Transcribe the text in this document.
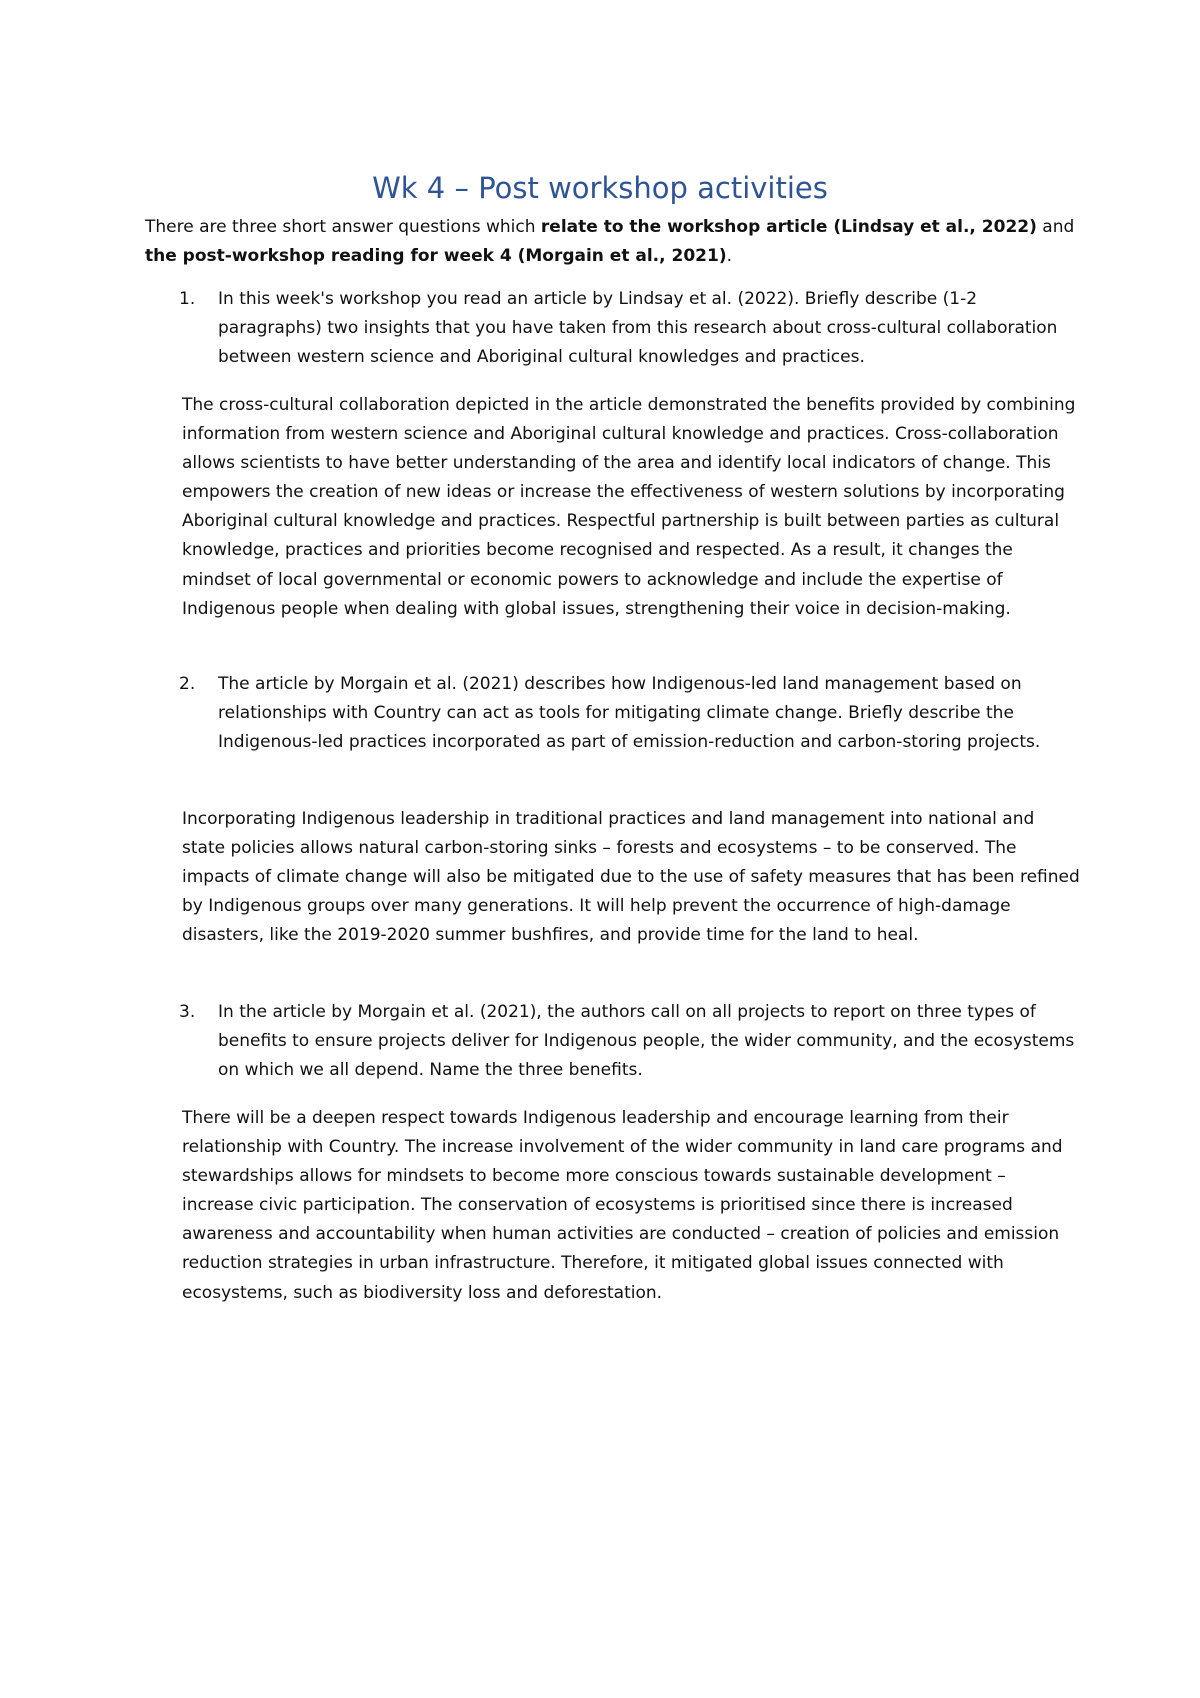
Wk 4 – Post workshop activities

There are three short answer questions which relate to the workshop article (Lindsay et al., 2022) and the post-workshop reading for week 4 (Morgain et al., 2021).

1.	In this week's workshop you read an article by Lindsay et al. (2022). Briefly describe (1-2 paragraphs) two insights that you have taken from this research about cross-cultural collaboration between western science and Aboriginal cultural knowledges and practices.

The cross-cultural collaboration depicted in the article demonstrated the benefits provided by combining information from western science and Aboriginal cultural knowledge and practices. Cross-collaboration allows scientists to have better understanding of the area and identify local indicators of change. This empowers the creation of new ideas or increase the effectiveness of western solutions by incorporating Aboriginal cultural knowledge and practices. Respectful partnership is built between parties as cultural knowledge, practices and priorities become recognised and respected. As a result, it changes the mindset of local governmental or economic powers to acknowledge and include the expertise of Indigenous people when dealing with global issues, strengthening their voice in decision-making.

2.	The article by Morgain et al. (2021) describes how Indigenous-led land management based on relationships with Country can act as tools for mitigating climate change. Briefly describe the Indigenous-led practices incorporated as part of emission-reduction and carbon-storing projects.

Incorporating Indigenous leadership in traditional practices and land management into national and state policies allows natural carbon-storing sinks – forests and ecosystems – to be conserved. The impacts of climate change will also be mitigated due to the use of safety measures that has been refined by Indigenous groups over many generations. It will help prevent the occurrence of high-damage disasters, like the 2019-2020 summer bushfires, and provide time for the land to heal.

3.	In the article by Morgain et al. (2021), the authors call on all projects to report on three types of benefits to ensure projects deliver for Indigenous people, the wider community, and the ecosystems on which we all depend. Name the three benefits.

There will be a deepen respect towards Indigenous leadership and encourage learning from their relationship with Country. The increase involvement of the wider community in land care programs and stewardships allows for mindsets to become more conscious towards sustainable development – increase civic participation. The conservation of ecosystems is prioritised since there is increased awareness and accountability when human activities are conducted – creation of policies and emission reduction strategies in urban infrastructure. Therefore, it mitigated global issues connected with ecosystems, such as biodiversity loss and deforestation.
